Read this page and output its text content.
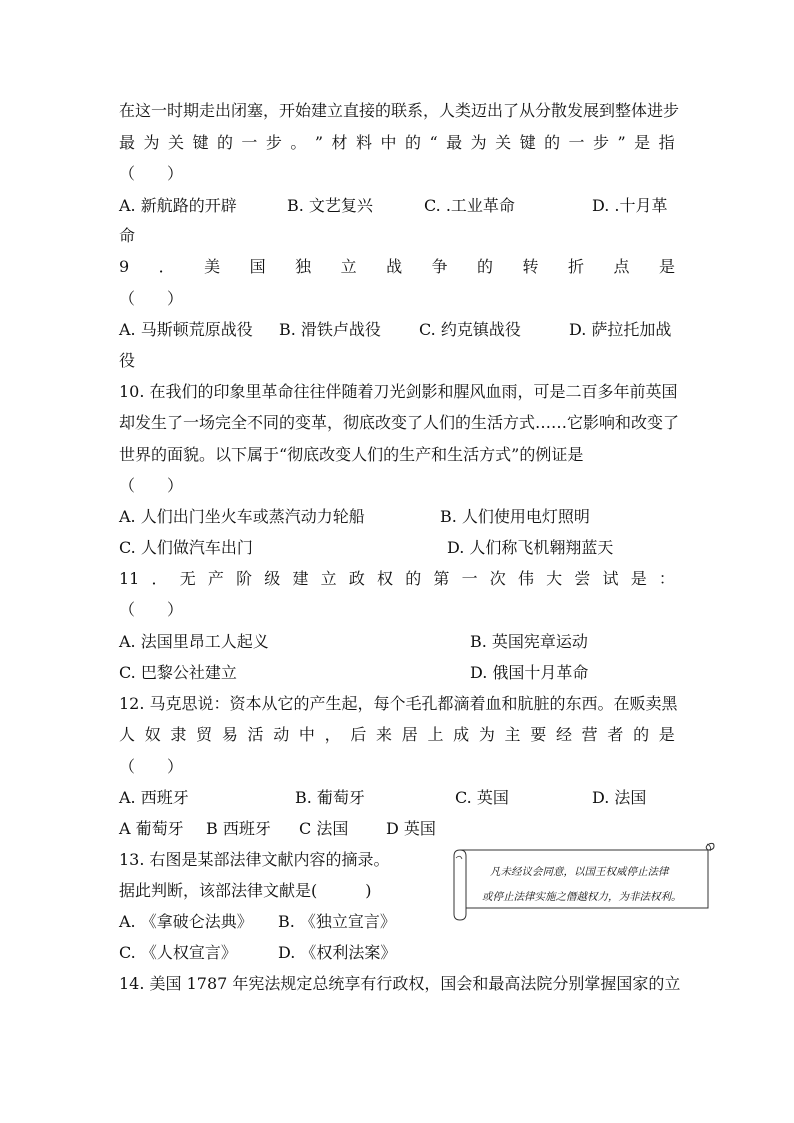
在这一时期走出闭塞，开始建立直接的联系，人类迈出了从分散发展到整体进步
最 为 关 键 的 一 步 。 ” 材 料 中 的 “ 最 为 关 键 的 一 步 ” 是 指
（　　）
A. 新航路的开辟	B. 文艺复兴	C. .工业革命	D. .十月革
命
9 ． 美 国 独 立 战 争 的 转 折 点 是
（　　）
A. 马斯顿荒原战役 B. 滑铁卢战役 C. 约克镇战役	D. 萨拉托加战
役
10. 在我们的印象里革命往往伴随着刀光剑影和腥风血雨，可是二百多年前英国
却发生了一场完全不同的变革，彻底改变了人们的生活方式……它影响和改变了
世界的面貌。以下属于“彻底改变人们的生产和生活方式”的例证是
（　　）
A. 人们出门坐火车或蒸汽动力轮船	B. 人们使用电灯照明
C. 人们做汽车出门	D. 人们称飞机翱翔蓝天
11 ． 无 产 阶 级 建 立 政 权 的 第 一 次 伟 大 尝 试 是 ：
（　　）
A. 法国里昂工人起义	B. 英国宪章运动
C. 巴黎公社建立	D. 俄国十月革命
12. 马克思说：资本从它的产生起，每个毛孔都滴着血和肮脏的东西。在贩卖黑
人 奴 隶 贸 易 活 动 中 ， 后 来 居 上 成 为 主 要 经 营 者 的 是
（　　）
A. 西班牙	B. 葡萄牙	C. 英国	D. 法国
A 葡萄牙 B 西班牙 C 法国 D 英国
13. 右图是某部法律文献内容的摘录。
据此判断，该部法律文献是(　　　)
A. 《拿破仑法典》 B. 《独立宣言》
C. 《人权宣言》	D. 《权利法案》
凡未经议会同意，以国王权威停止法律
或停止法律实施之僭越权力，为非法权利。
14. 美国 1787 年宪法规定总统享有行政权，国会和最高法院分别掌握国家的立
